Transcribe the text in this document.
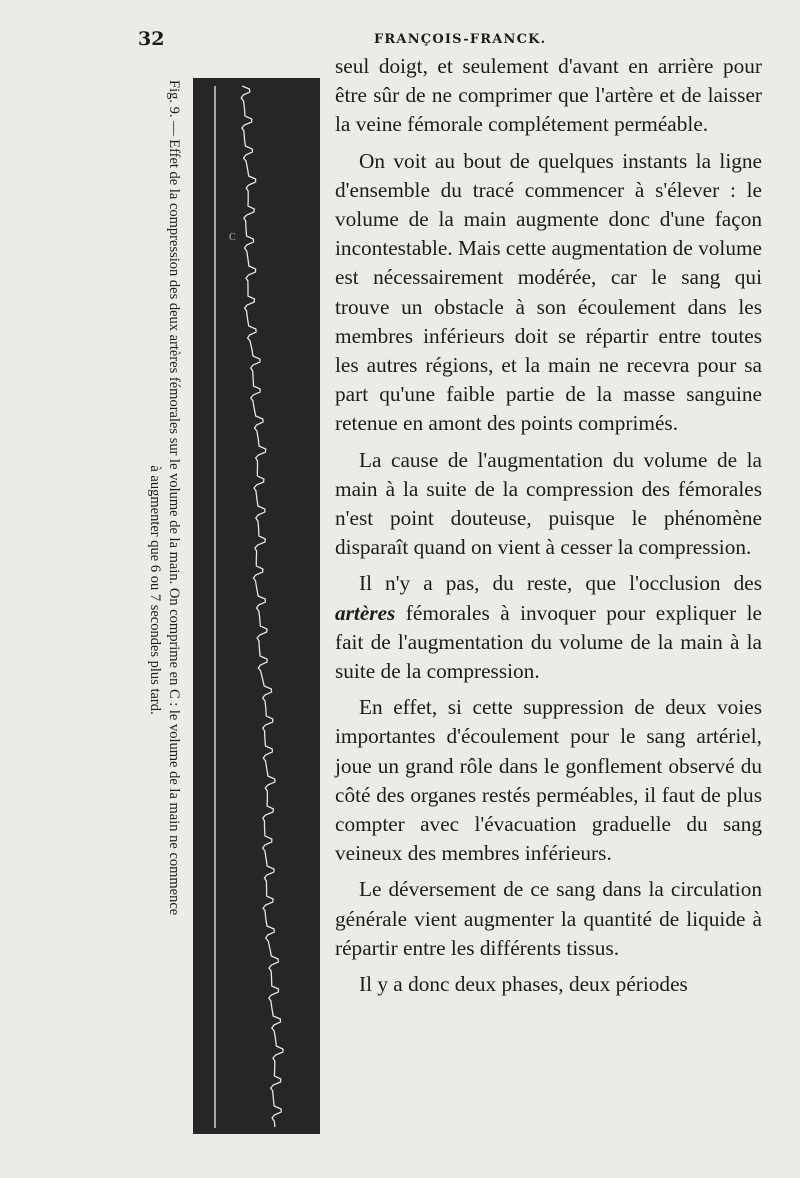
32	FRANÇOIS-FRANCK.
Fig. 9. — Effet de la compression des deux artères fémorales sur le volume de la main. On comprime en C : le volume de la main ne commence
à augmenter que 6 ou 7 secondes plus tard.
C

seul doigt, et seulement d'avant en arrière pour être sûr de ne comprimer que l'artère et de laisser la veine fémorale complétement perméable.

On voit au bout de quelques instants la ligne d'ensemble du tracé commencer à s'élever : le volume de la main augmente donc d'une façon incontestable. Mais cette augmentation de volume est nécessairement modérée, car le sang qui trouve un obstacle à son écoulement dans les membres inférieurs doit se répartir entre toutes les autres régions, et la main ne recevra pour sa part qu'une faible partie de la masse sanguine retenue en amont des points comprimés.

La cause de l'augmentation du volume de la main à la suite de la compression des fémorales n'est point douteuse, puisque le phénomène disparaît quand on vient à cesser la compression.

Il n'y a pas, du reste, que l'occlusion des artères fémorales à invoquer pour expliquer le fait de l'augmentation du volume de la main à la suite de la compression.

En effet, si cette suppression de deux voies importantes d'écoulement pour le sang artériel, joue un grand rôle dans le gonflement observé du côté des organes restés perméables, il faut de plus compter avec l'évacuation graduelle du sang veineux des membres inférieurs.

Le déversement de ce sang dans la circulation générale vient augmenter la quantité de liquide à répartir entre les différents tissus.

Il y a donc deux phases, deux périodes
